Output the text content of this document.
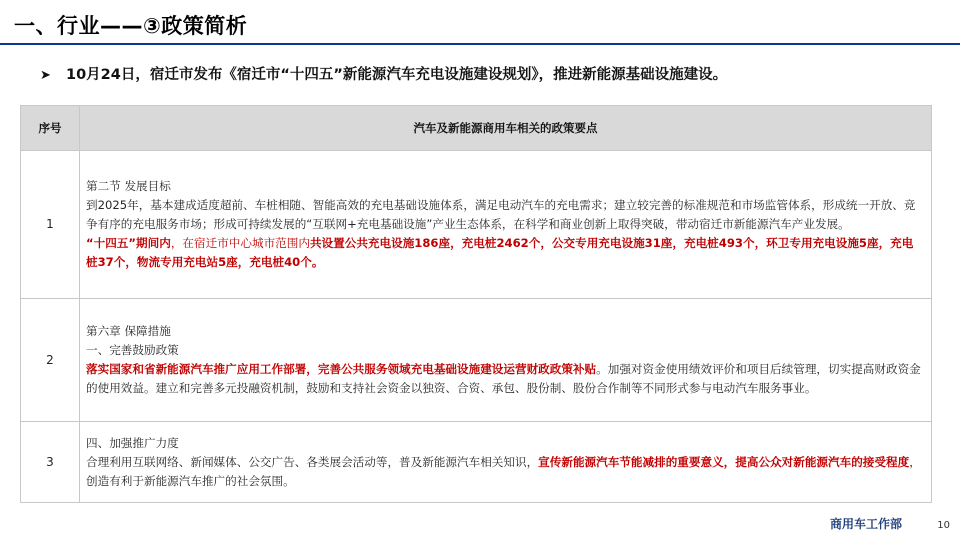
一、行业——③政策简析
➤ 10月24日，宿迁市发布《宿迁市“十四五”新能源汽车充电设施建设规划》，推进新能源基础设施建设。
序号	汽车及新能源商用车相关的政策要点
1	第二节 发展目标
到2025年，基本建成适度超前、车桩相随、智能高效的充电基础设施体系，满足电动汽车的充电需求；建立较完善的标准规范和市场监管体系，形成统一开放、竞争有序的充电服务市场；形成可持续发展的“互联网+充电基础设施”产业生态体系，在科学和商业创新上取得突破，带动宿迁市新能源汽车产业发展。
“十四五”期间内，在宿迁市中心城市范围内共设置公共充电设施186座，充电桩2462个，公交专用充电设施31座，充电桩493个，环卫专用充电设施5座，充电桩37个，物流专用充电站5座，充电桩40个。

2	第六章 保障措施
一、完善鼓励政策
落实国家和省新能源汽车推广应用工作部署，完善公共服务领域充电基础设施建设运营财政政策补贴。加强对资金使用绩效评价和项目后续管理，切实提高财政资金的使用效益。建立和完善多元投融资机制，鼓励和支持社会资金以独资、合资、承包、股份制、股份合作制等不同形式参与电动汽车服务事业。

3	四、加强推广力度
合理利用互联网络、新闻媒体、公交广告、各类展会活动等，普及新能源汽车相关知识，宣传新能源汽车节能减排的重要意义，提高公众对新能源汽车的接受程度，创造有利于新能源汽车推广的社会氛围。
商用车工作部	10
